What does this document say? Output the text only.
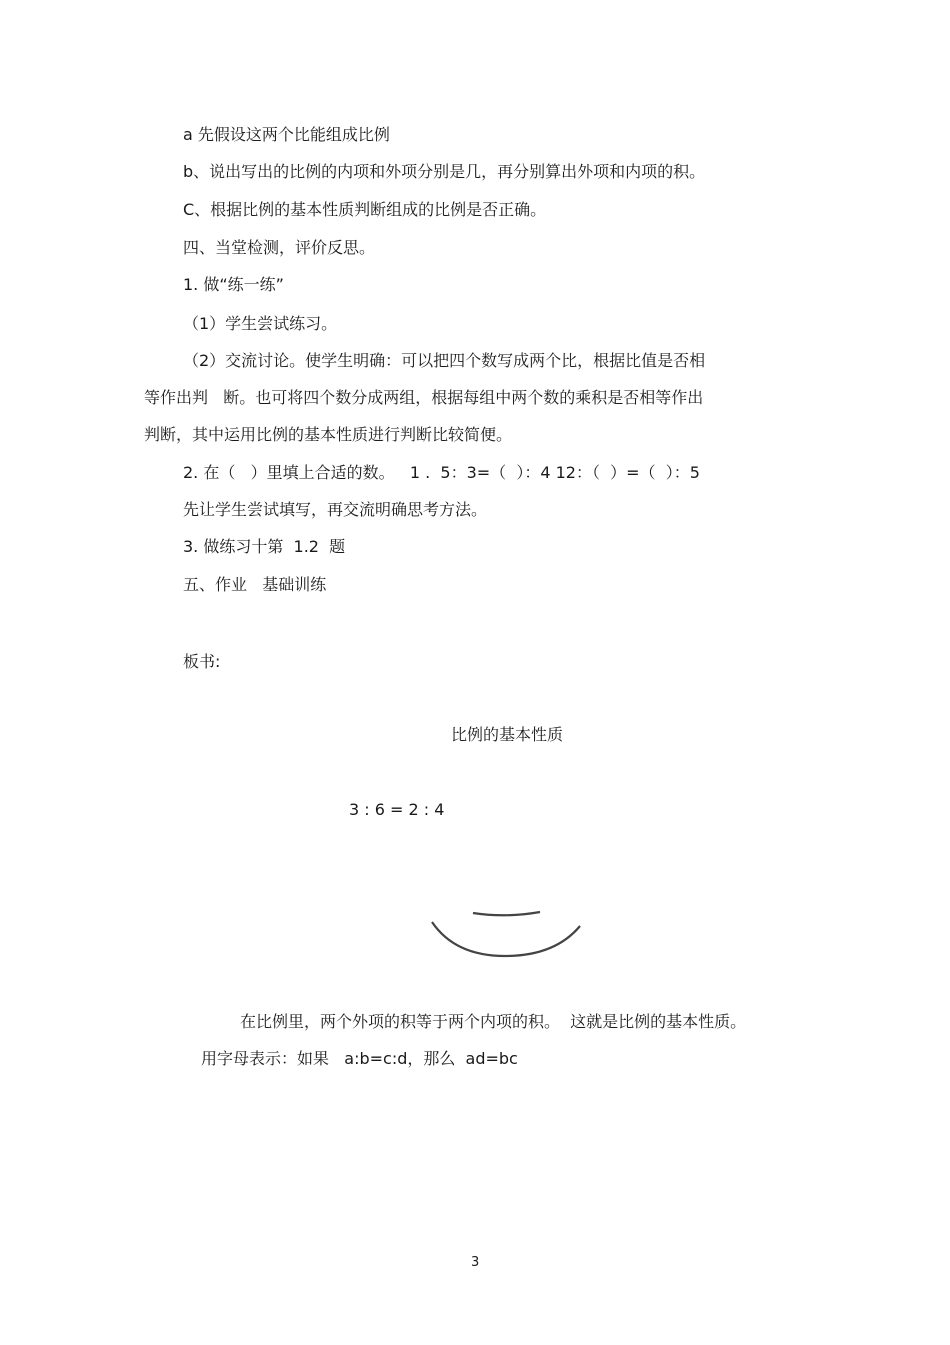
a 先假设这两个比能组成比例
b、说出写出的比例的内项和外项分别是几，再分别算出外项和内项的积。
C、根据比例的基本性质判断组成的比例是否正确。
四、当堂检测，评价反思。
1. 做“练一练”
（1）学生尝试练习。
（2）交流讨论。使学生明确：可以把四个数写成两个比，根据比值是否相
等作出判   断。也可将四个数分成两组，根据每组中两个数的乘积是否相等作出
判断，其中运用比例的基本性质进行判断比较简便。
2. 在（   ）里填上合适的数。   1 .  5：3=（  ）：4 12：（  ）=（  ）：5
先让学生尝试填写，再交流明确思考方法。
3. 做练习十第  1.2  题
五、作业   基础训练
板书:
比例的基本性质
3 : 6 = 2 : 4
在比例里，两个外项的积等于两个内项的积。  这就是比例的基本性质。
用字母表示：如果   a:b=c:d，那么  ad=bc
3
